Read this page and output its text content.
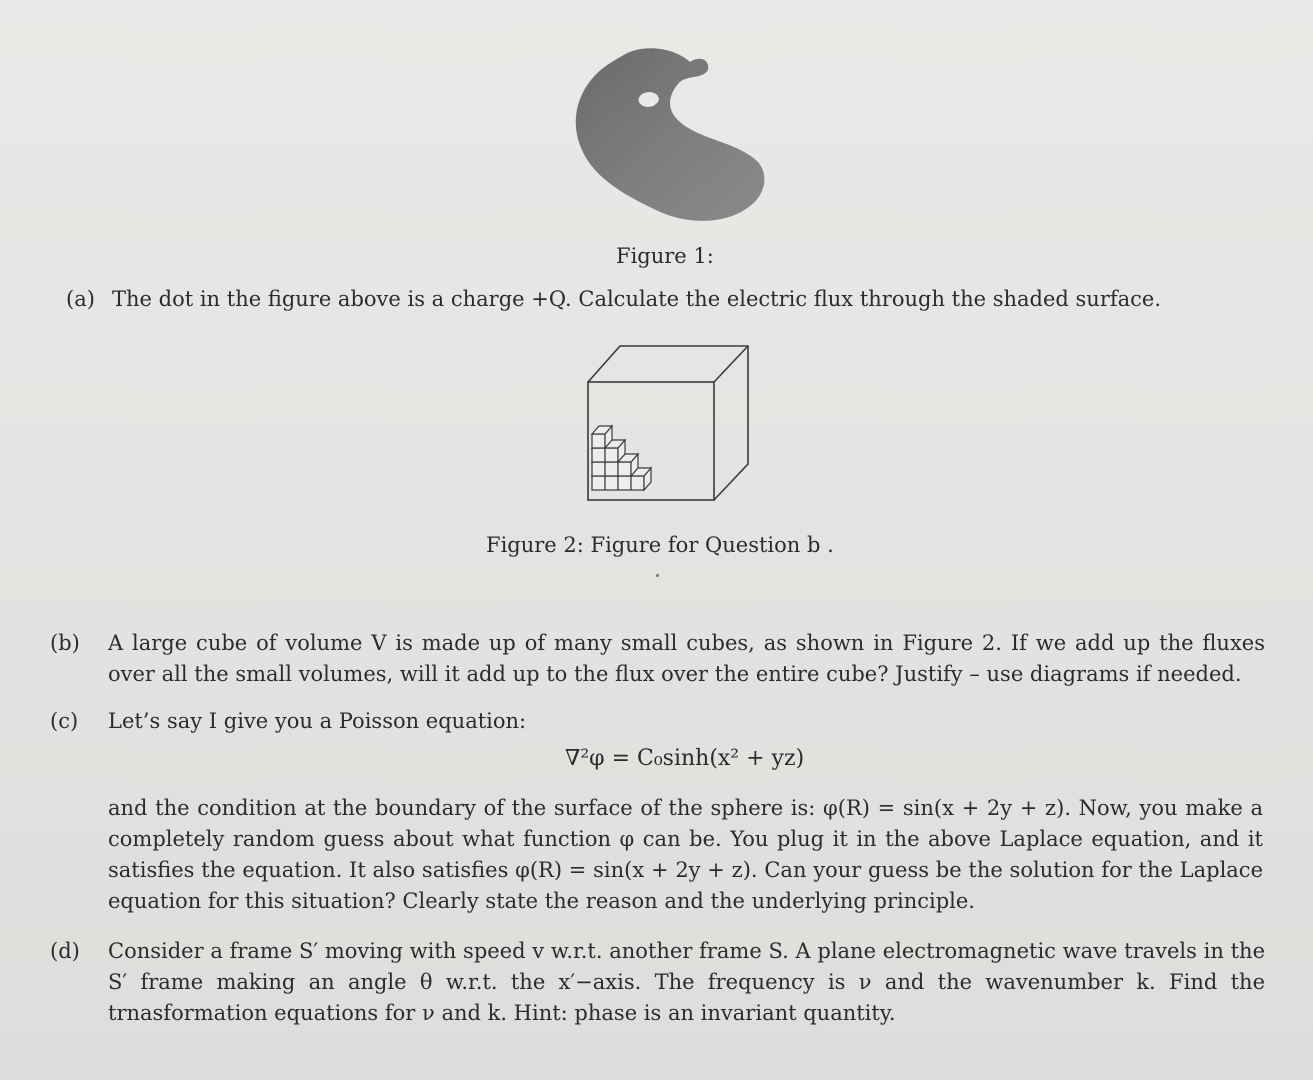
Figure 1:
(a) The dot in the figure above is a charge +Q. Calculate the electric flux through the shaded surface.
Figure 2: Figure for Question b .
(b) A large cube of volume V is made up of many small cubes, as shown in Figure 2. If we add up the fluxes over all the small volumes, will it add up to the flux over the entire cube? Justify – use diagrams if needed.
(c) Let’s say I give you a Poisson equation:
∇²φ = C₀sinh(x² + yz)
and the condition at the boundary of the surface of the sphere is: φ(R) = sin(x + 2y + z). Now, you make a completely random guess about what function φ can be. You plug it in the above Laplace equation, and it satisfies the equation. It also satisfies φ(R) = sin(x + 2y + z). Can your guess be the solution for the Laplace equation for this situation? Clearly state the reason and the underlying principle.
(d) Consider a frame S′ moving with speed v w.r.t. another frame S. A plane electromagnetic wave travels in the S′ frame making an angle θ w.r.t. the x′−axis. The frequency is ν and the wavenumber k. Find the trnasformation equations for ν and k. Hint: phase is an invariant quantity.
